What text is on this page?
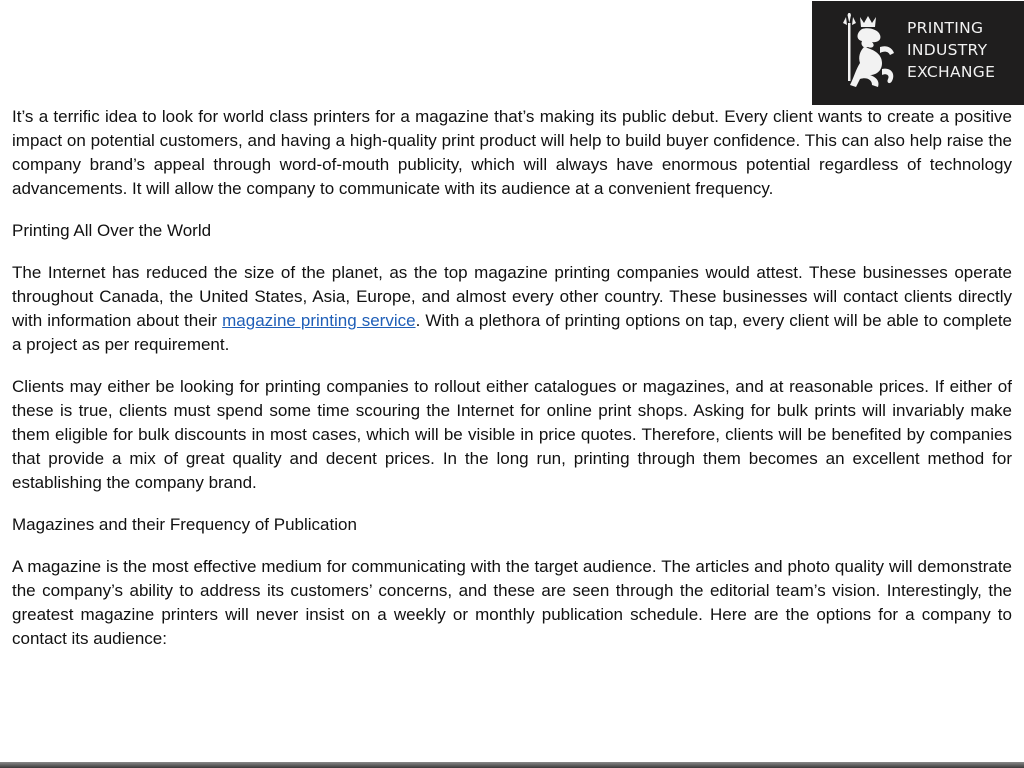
PRINTING
INDUSTRY
EXCHANGE

It’s a terrific idea to look for world class printers for a magazine that’s making its public debut. Every client wants to create a positive impact on potential customers, and having a high-quality print product will help to build buyer confidence. This can also help raise the company brand’s appeal through word-of-mouth publicity, which will always have enormous potential regardless of technology advancements. It will allow the company to communicate with its audience at a convenient frequency.

Printing All Over the World

The Internet has reduced the size of the planet, as the top magazine printing companies would attest. These businesses operate throughout Canada, the United States, Asia, Europe, and almost every other country. These businesses will contact clients directly with information about their magazine printing service. With a plethora of printing options on tap, every client will be able to complete a project as per requirement.

Clients may either be looking for printing companies to rollout either catalogues or magazines, and at reasonable prices. If either of these is true, clients must spend some time scouring the Internet for online print shops. Asking for bulk prints will invariably make them eligible for bulk discounts in most cases, which will be visible in price quotes. Therefore, clients will be benefited by companies that provide a mix of great quality and decent prices. In the long run, printing through them becomes an excellent method for establishing the company brand.

Magazines and their Frequency of Publication

A magazine is the most effective medium for communicating with the target audience. The articles and photo quality will demonstrate the company’s ability to address its customers’ concerns, and these are seen through the editorial team’s vision. Interestingly, the greatest magazine printers will never insist on a weekly or monthly publication schedule. Here are the options for a company to contact its audience:
